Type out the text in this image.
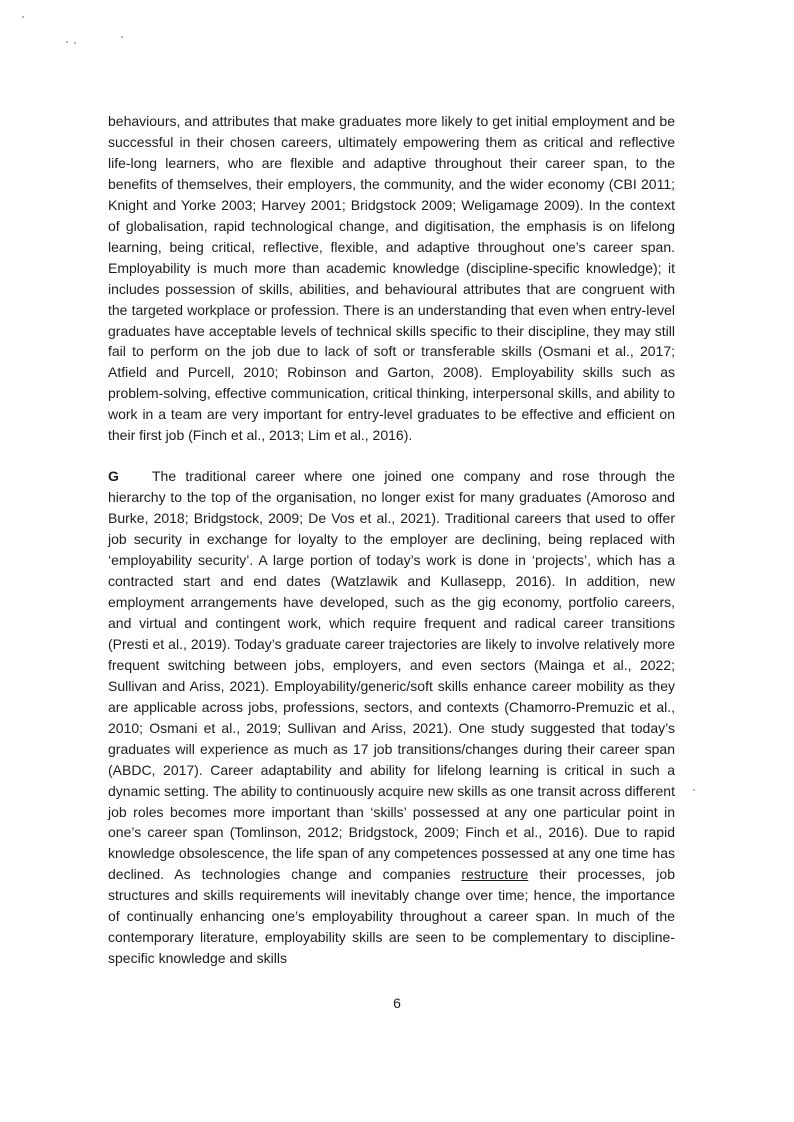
behaviours, and attributes that make graduates more likely to get initial employment and be successful in their chosen careers, ultimately empowering them as critical and reflective life-long learners, who are flexible and adaptive throughout their career span, to the benefits of themselves, their employers, the community, and the wider economy (CBI 2011; Knight and Yorke 2003; Harvey 2001; Bridgstock 2009; Weligamage 2009). In the context of globalisation, rapid technological change, and digitisation, the emphasis is on lifelong learning, being critical, reflective, flexible, and adaptive throughout one’s career span. Employability is much more than academic knowledge (discipline-specific knowledge); it includes possession of skills, abilities, and behavioural attributes that are congruent with the targeted workplace or profession. There is an understanding that even when entry-level graduates have acceptable levels of technical skills specific to their discipline, they may still fail to perform on the job due to lack of soft or transferable skills (Osmani et al., 2017; Atfield and Purcell, 2010; Robinson and Garton, 2008). Employability skills such as problem-solving, effective communication, critical thinking, interpersonal skills, and ability to work in a team are very important for entry-level graduates to be effective and efficient on their first job (Finch et al., 2013; Lim et al., 2016).

G The traditional career where one joined one company and rose through the hierarchy to the top of the organisation, no longer exist for many graduates (Amoroso and Burke, 2018; Bridgstock, 2009; De Vos et al., 2021). Traditional careers that used to offer job security in exchange for loyalty to the employer are declining, being replaced with ‘employability security’. A large portion of today’s work is done in ‘projects’, which has a contracted start and end dates (Watzlawik and Kullasepp, 2016). In addition, new employment arrangements have developed, such as the gig economy, portfolio careers, and virtual and contingent work, which require frequent and radical career transitions (Presti et al., 2019). Today’s graduate career trajectories are likely to involve relatively more frequent switching between jobs, employers, and even sectors (Mainga et al., 2022; Sullivan and Ariss, 2021). Employability/generic/soft skills enhance career mobility as they are applicable across jobs, professions, sectors, and contexts (Chamorro-Premuzic et al., 2010; Osmani et al., 2019; Sullivan and Ariss, 2021). One study suggested that today’s graduates will experience as much as 17 job transitions/changes during their career span (ABDC, 2017). Career adaptability and ability for lifelong learning is critical in such a dynamic setting. The ability to continuously acquire new skills as one transit across different job roles becomes more important than ‘skills’ possessed at any one particular point in one’s career span (Tomlinson, 2012; Bridgstock, 2009; Finch et al., 2016). Due to rapid knowledge obsolescence, the life span of any competences possessed at any one time has declined. As technologies change and companies restructure their processes, job structures and skills requirements will inevitably change over time; hence, the importance of continually enhancing one’s employability throughout a career span. In much of the contemporary literature, employability skills are seen to be complementary to discipline-specific knowledge and skills

6
